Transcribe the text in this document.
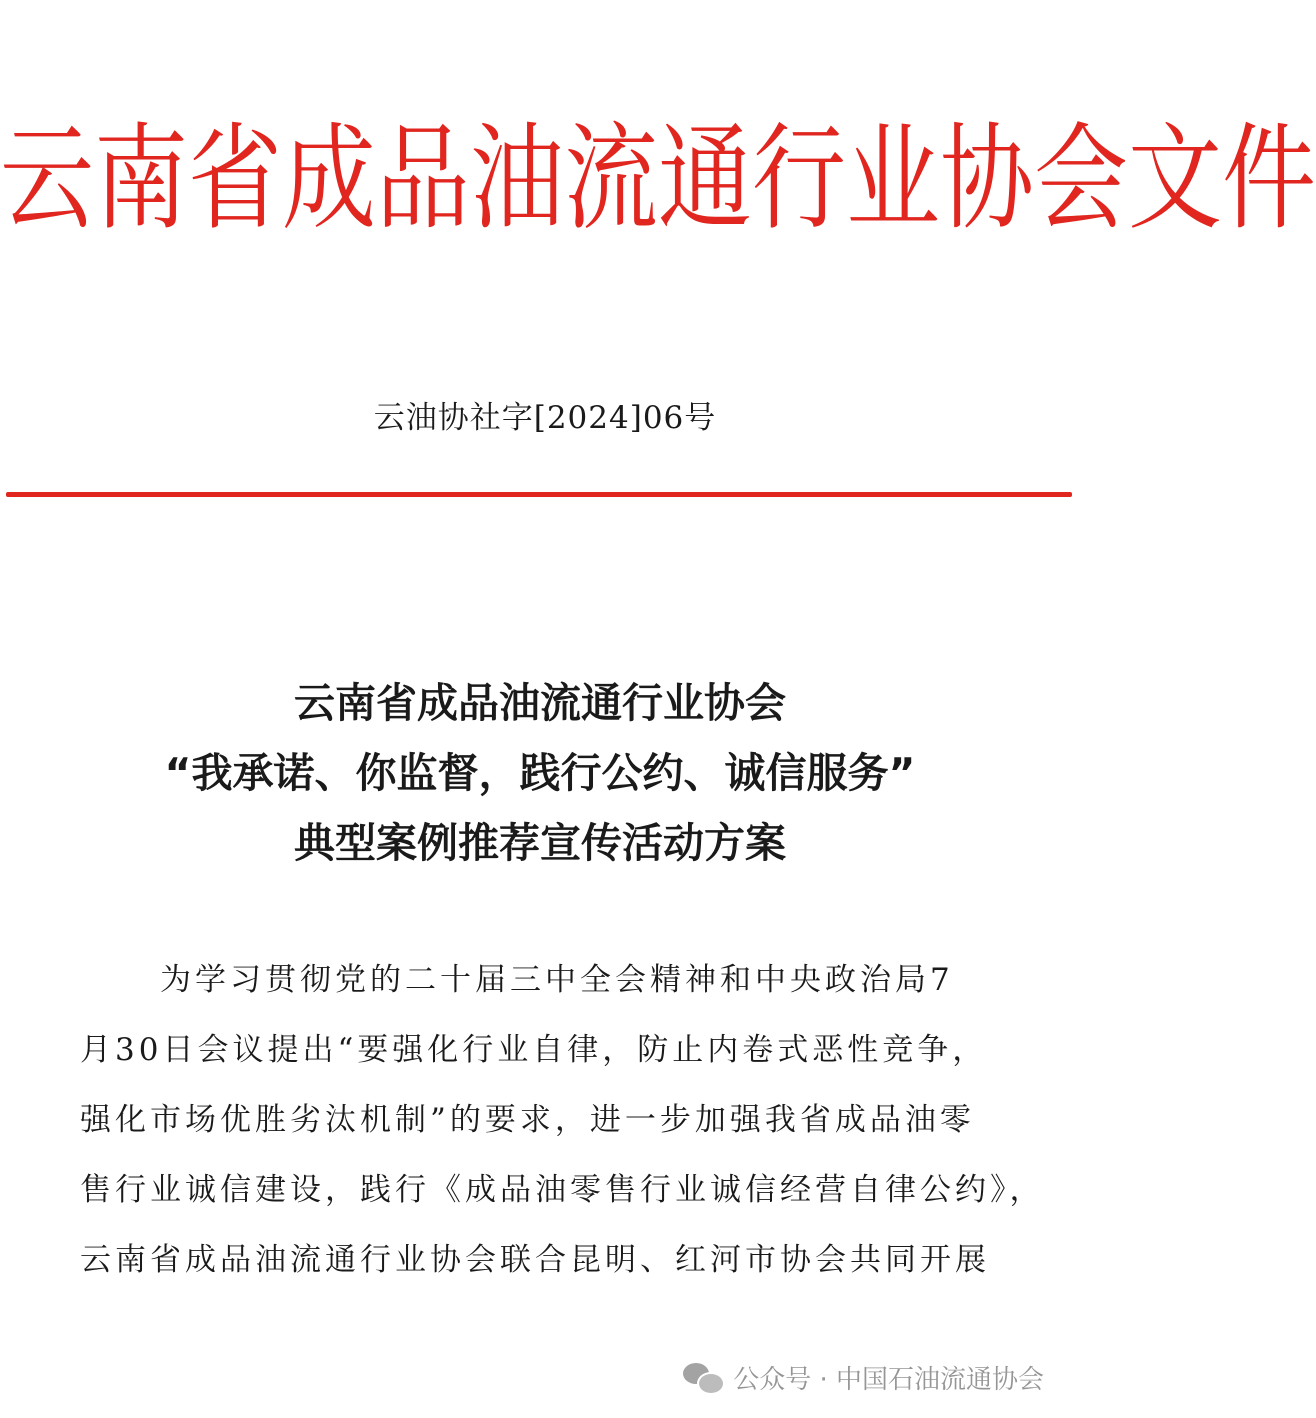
云南省成品油流通行业协会文件
云油协社字[2024]06号
云南省成品油流通行业协会
“我承诺、你监督，践行公约、诚信服务”
典型案例推荐宣传活动方案
为学习贯彻党的二十届三中全会精神和中央政治局7
月30日会议提出“要强化行业自律，防止内卷式恶性竞争，
强化市场优胜劣汰机制”的要求，进一步加强我省成品油零
售行业诚信建设，践行《成品油零售行业诚信经营自律公约》，
云南省成品油流通行业协会联合昆明、红河市协会共同开展
公众号 · 中国石油流通协会
